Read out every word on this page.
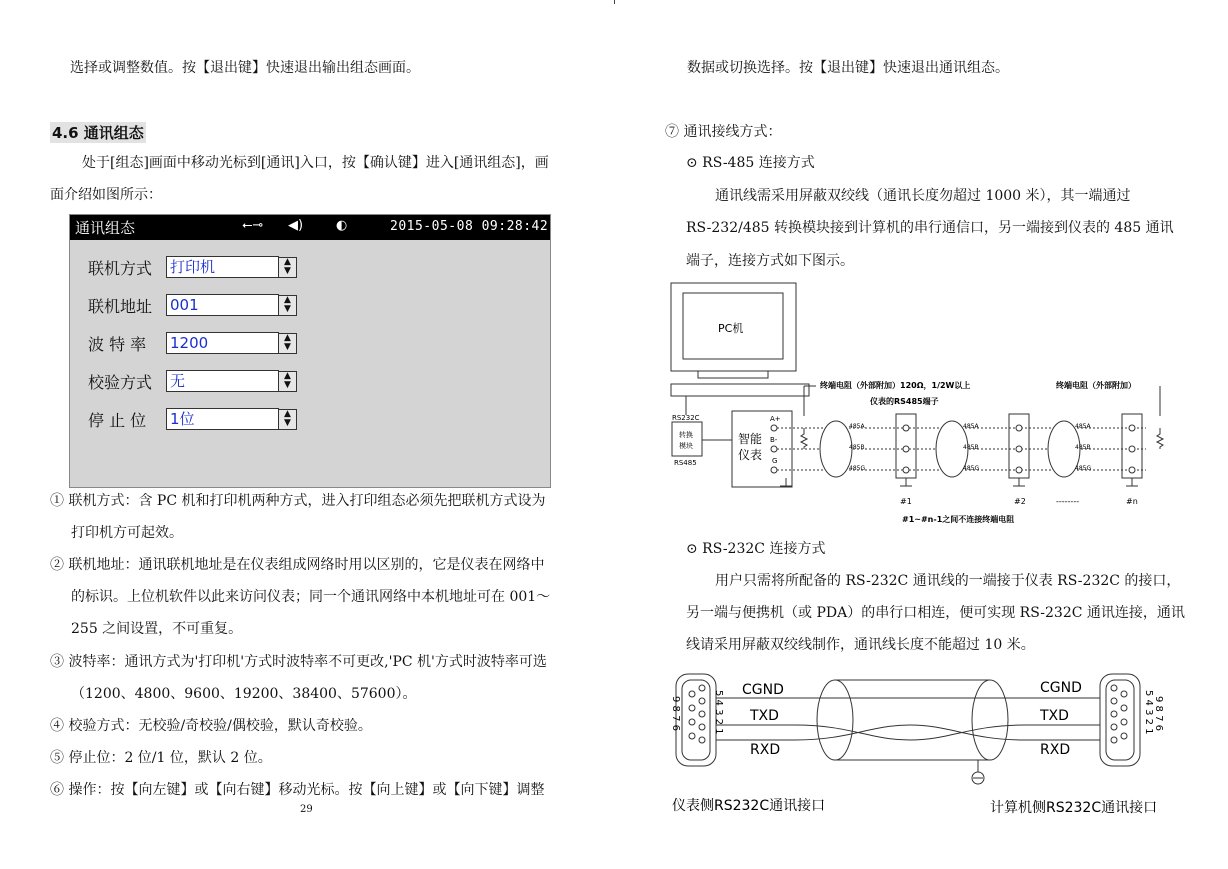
选择或调整数值。按【退出键】快速退出输出组态画面。
4.6 通讯组态
处于[组态]画面中移动光标到[通讯]入口，按【确认键】进入[通讯组态]，画
面介绍如图所示：
通讯组态	⭠⊸ ◀)	◐	2015-05-08 09:28:42
联机方式	打印机	▲
▼
联机地址	001	▲
▼
波 特 率	1200	▲
▼
校验方式	无	▲
▼
停 止 位	1位	▲
▼
① 联机方式：含 PC 机和打印机两种方式，进入打印组态必须先把联机方式设为
打印机方可起效。
② 联机地址：通讯联机地址是在仪表组成网络时用以区别的，它是仪表在网络中
的标识。上位机软件以此来访问仪表；同一个通讯网络中本机地址可在 001～
255 之间设置，不可重复。
③ 波特率：通讯方式为'打印机'方式时波特率不可更改,'PC 机'方式时波特率可选
（1200、4800、9600、19200、38400、57600）。
④ 校验方式：无校验/奇校验/偶校验，默认奇校验。
⑤ 停止位：2 位/1 位，默认 2 位。
⑥ 操作：按【向左键】或【向右键】移动光标。按【向上键】或【向下键】调整
29
数据或切换选择。按【退出键】快速退出通讯组态。
⑦ 通讯接线方式：
⊙ RS-485 连接方式
通讯线需采用屏蔽双绞线（通讯长度勿超过 1000 米），其一端通过
RS-232/485 转换模块接到计算机的串行通信口，另一端接到仪表的 485 通讯
端子，连接方式如下图示。
PC机
RS232C
转换
模块
RS485
智能
仪表
A+
B-
G
终端电阻（外部附加）120Ω，1/2W以上
仪表的RS485端子
485A
485B
485G
485A
485B
485G
485A
485B
485G
终端电阻（外部附加）
#1	#2	--------	#n
#1~#n-1之间不连接终端电阻
⊙ RS-232C 连接方式
用户只需将所配备的 RS-232C 通讯线的一端接于仪表 RS-232C 的接口，
另一端与便携机（或 PDA）的串行口相连，便可实现 RS-232C 通讯连接，通讯
线请采用屏蔽双绞线制作，通讯线长度不能超过 10 米。
5 4 3 2 1
9 8 7 6	5 4 3 2 1 9 8 7 6
CGND
TXD
RXD
CGND
TXD
RXD
仪表侧RS232C通讯接口	计算机侧RS232C通讯接口
